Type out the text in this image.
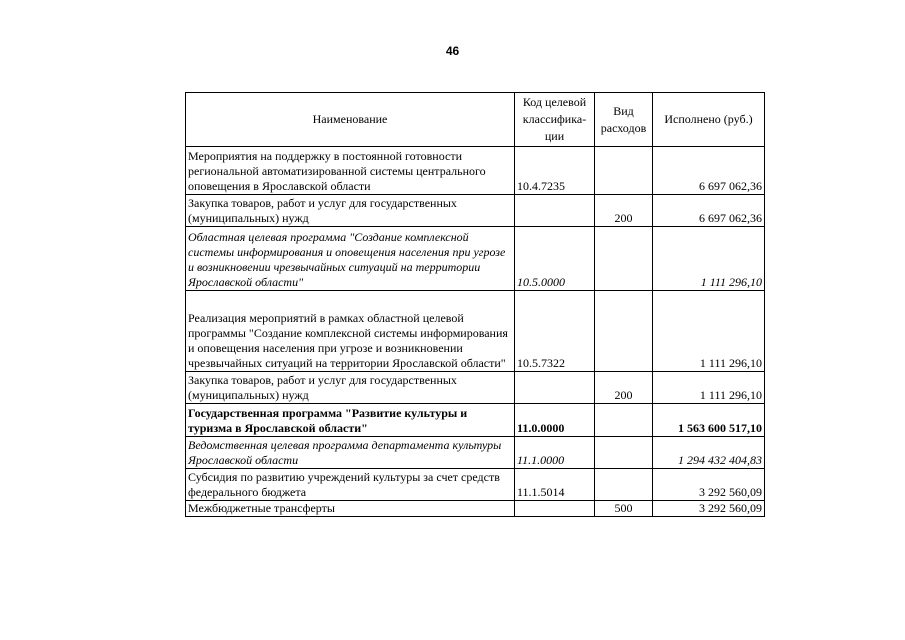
46
Наименование	Код целевой классифика-ции	Вид расходов	Исполнено (руб.)
Мероприятия на поддержку в постоянной готовности региональной автоматизированной системы центрального оповещения в Ярославской области	10.4.7235		6 697 062,36
Закупка товаров, работ и услуг для государственных (муниципальных) нужд		200	6 697 062,36
Областная целевая программа "Создание комплексной системы информирования и оповещения населения при угрозе и возникновении чрезвычайных ситуаций на территории Ярославской области"	10.5.0000		1 111 296,10
Реализация мероприятий в рамках областной целевой программы "Создание комплексной системы информирования и оповещения населения при угрозе и возникновении чрезвычайных ситуаций на территории Ярославской области"	10.5.7322		1 111 296,10
Закупка товаров, работ и услуг для государственных (муниципальных) нужд		200	1 111 296,10
Государственная программа "Развитие культуры и туризма в Ярославской области"	11.0.0000		1 563 600 517,10
Ведомственная целевая программа департамента культуры Ярославской области	11.1.0000		1 294 432 404,83
Субсидия по развитию учреждений культуры за счет средств федерального бюджета	11.1.5014		3 292 560,09
Межбюджетные трансферты		500	3 292 560,09
